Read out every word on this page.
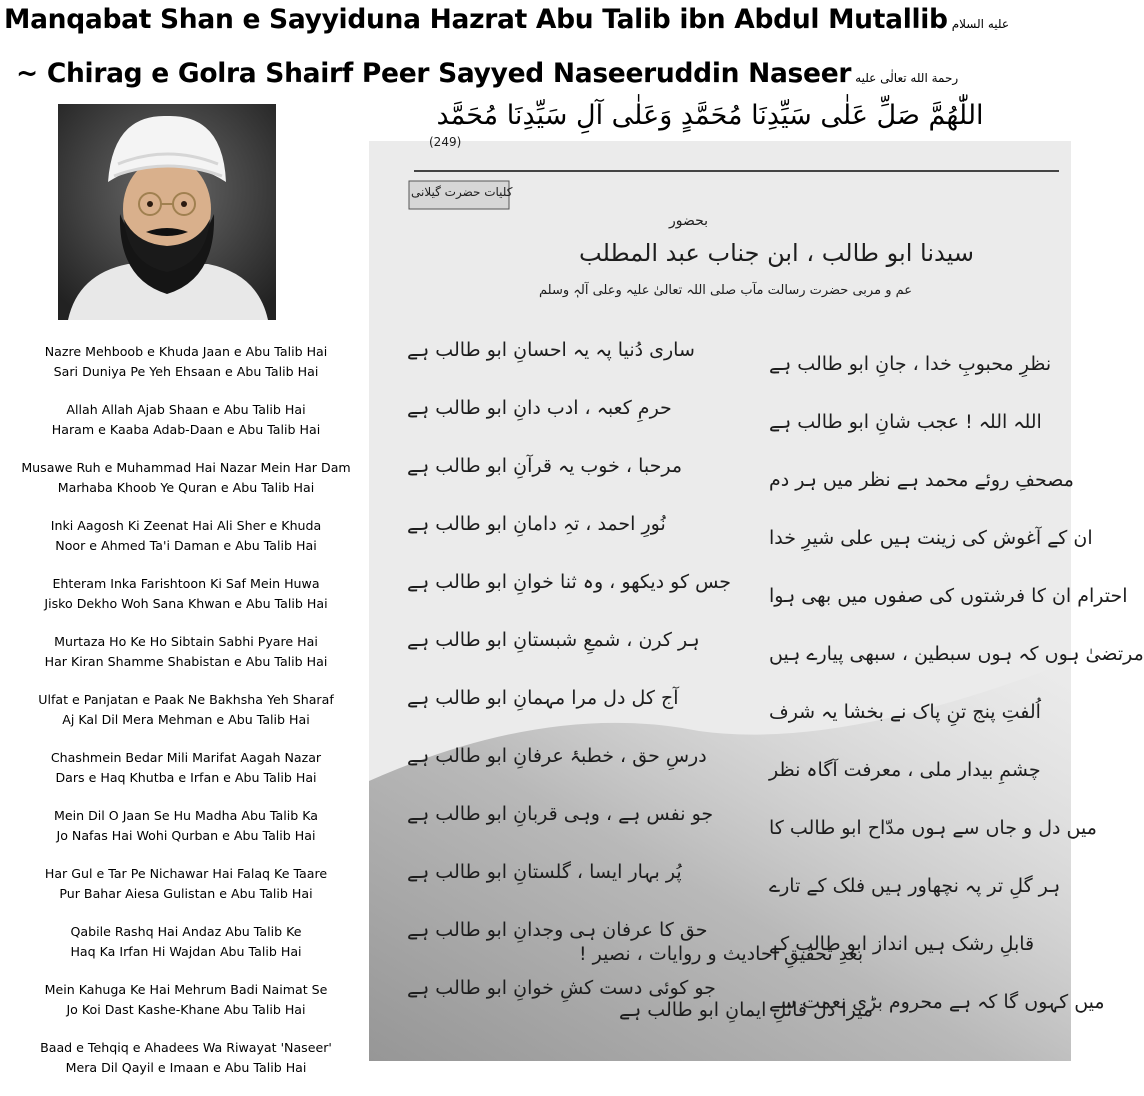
Manqabat Shan e Sayyiduna Hazrat Abu Talib ibn Abdul Mutallib عليه السلام
~ Chirag e Golra Shairf Peer Sayyed Naseeruddin Naseer رحمة الله تعالٰى عليه
اللّٰهُمَّ صَلِّ عَلٰى سَيِّدِنَا مُحَمَّدٍ وَعَلٰى آلِ سَيِّدِنَا مُحَمَّد
Nazre Mehboob e Khuda Jaan e Abu Talib Hai
Sari Duniya Pe Yeh Ehsaan e Abu Talib Hai
Allah Allah Ajab Shaan e Abu Talib Hai
Haram e Kaaba Adab-Daan e Abu Talib Hai
Musawe Ruh e Muhammad Hai Nazar Mein Har Dam
Marhaba Khoob Ye Quran e Abu Talib Hai
Inki Aagosh Ki Zeenat Hai Ali Sher e Khuda
Noor e Ahmed Ta'i Daman e Abu Talib Hai
Ehteram Inka Farishtoon Ki Saf Mein Huwa
Jisko Dekho Woh Sana Khwan e Abu Talib Hai
Murtaza Ho Ke Ho Sibtain Sabhi Pyare Hai
Har Kiran Shamme Shabistan e Abu Talib Hai
Ulfat e Panjatan e Paak Ne Bakhsha Yeh Sharaf
Aj Kal Dil Mera Mehman e Abu Talib Hai
Chashmein Bedar Mili Marifat Aagah Nazar
Dars e Haq Khutba e Irfan e Abu Talib Hai
Mein Dil O Jaan Se Hu Madha Abu Talib Ka
Jo Nafas Hai Wohi Qurban e Abu Talib Hai
Har Gul e Tar Pe Nichawar Hai Falaq Ke Taare
Pur Bahar Aiesa Gulistan e Abu Talib Hai
Qabile Rashq Hai Andaz Abu Talib Ke
Haq Ka Irfan Hi Wajdan Abu Talib Hai
Mein Kahuga Ke Hai Mehrum Badi Naimat Se
Jo Koi Dast Kashe-Khane Abu Talib Hai
Baad e Tehqiq e Ahadees Wa Riwayat 'Naseer'
Mera Dil Qayil e Imaan e Abu Talib Hai
(249)
کلیات حضرت گیلانی
بحضور
سیدنا ابو طالب ، ابن جناب عبد المطلب
عم و مربی حضرت رسالت مآب صلی اللہ تعالیٰ علیہ وعلی آلہٖ وسلم
نظرِ محبوبِ خدا ، جانِ ابو طالب ہے
اللہ اللہ ! عجب شانِ ابو طالب ہے
مصحفِ روئے محمد ہے نظر میں ہر دم
ان کے آغوش کی زینت ہیں علی شیرِ خدا
احترام ان کا فرشتوں کی صفوں میں بھی ہوا
مرتضیٰ ہوں کہ ہوں سبطین ، سبھی پیارے ہیں
اُلفتِ پنج تنِ پاک نے بخشا یہ شرف
چشمِ بیدار ملی ، معرفت آگاہ نظر
میں دل و جاں سے ہوں مدّاح ابو طالب کا
ہر گلِ تر پہ نچھاور ہیں فلک کے تارے
قابلِ رشک ہیں انداز ابو طالب کے
میں کہوں گا کہ ہے محروم بڑی نعمت سے
ساری دُنیا پہ یہ احسانِ ابو طالب ہے
حرمِ کعبہ ، ادب دانِ ابو طالب ہے
مرحبا ، خوب یہ قرآنِ ابو طالب ہے
نُورِ احمد ، تہِ دامانِ ابو طالب ہے
جس کو دیکھو ، وہ ثنا خوانِ ابو طالب ہے
ہر کرن ، شمعِ شبستانِ ابو طالب ہے
آج کل دل مرا مہمانِ ابو طالب ہے
درسِ حق ، خطبۂ عرفانِ ابو طالب ہے
جو نفس ہے ، وہی قربانِ ابو طالب ہے
پُر بہار ایسا ، گلستانِ ابو طالب ہے
حق کا عرفان ہی وجدانِ ابو طالب ہے
جو کوئی دست کشِ خوانِ ابو طالب ہے
بعدِ تحقیقِ احادیث و روایات ، نصیر !
میرا دل قائلِ ایمانِ ابو طالب ہے
